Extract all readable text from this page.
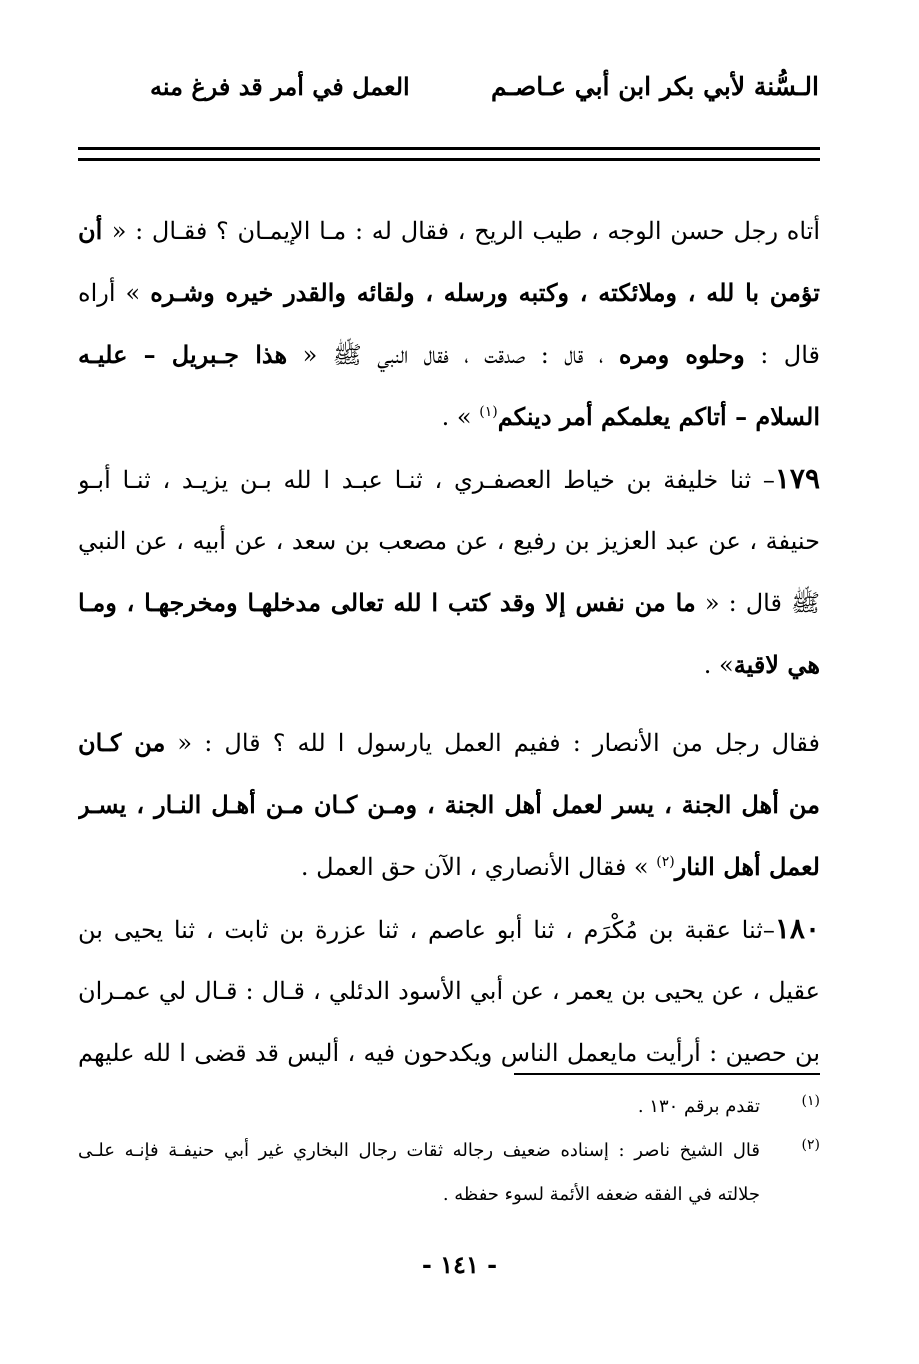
الـسُّنة لأبي بكر ابن أبي عـاصـم
العمل في أمر قد فرغ منه
أتاه رجل حسن الوجه ، طيب الريح ، فقال له : مـا الإيمـان ؟ فقـال : « أن
تؤمن با لله ، وملائكته ، وكتبه ورسله ، ولقائه والقدر خيره وشـره » أراه
قال : وحلوه ومره ، قال : صدقت ، فقال النبي ﷺ « هذا جـبريل – عليـه
السلام – أتاكم يعلمكم أمر دينكم$^{(١)}$ » .
١٧٩– ثنا خليفة بن خياط العصفـري ، ثنـا عبـد ا لله بـن يزيـد ، ثنـا أبـو
حنيفة ، عن عبد العزيز بن رفيع ، عن مصعب بن سعد ، عن أبيه ، عن النبي
ﷺ قال : « ما من نفس إلا وقد كتب ا لله تعالى مدخلهـا ومخرجهـا ، ومـا
هي لاقية» .
فقال رجل من الأنصار : ففيم العمل يارسول ا لله ؟ قال : « من كـان
من أهل الجنة ، يسر لعمل أهل الجنة ، ومـن كـان مـن أهـل النـار ، يسـر
لعمل أهل النار$^{(٢)}$ » فقال الأنصاري ، الآن حق العمل .
١٨٠–ثنا عقبة بن مُكْرَم ، ثنا أبو عاصم ، ثنا عزرة بن ثابت ، ثنا يحيى بن
عقيل ، عن يحيى بن يعمر ، عن أبي الأسود الدئلي ، قـال : قـال لي عمـران
بن حصين : أرأيت مايعمل الناس ويكدحون فيه ، أليس قد قضى ا لله عليهم
(١)
تقدم برقم ١٣٠ .
(٢)
قال الشيخ ناصر : إسناده ضعيف رجاله ثقات رجال البخاري غير أبي حنيفـة فإنـه علـى
جلالته في الفقه ضعفه الأئمة لسوء حفظه .
- ١٤١ -
